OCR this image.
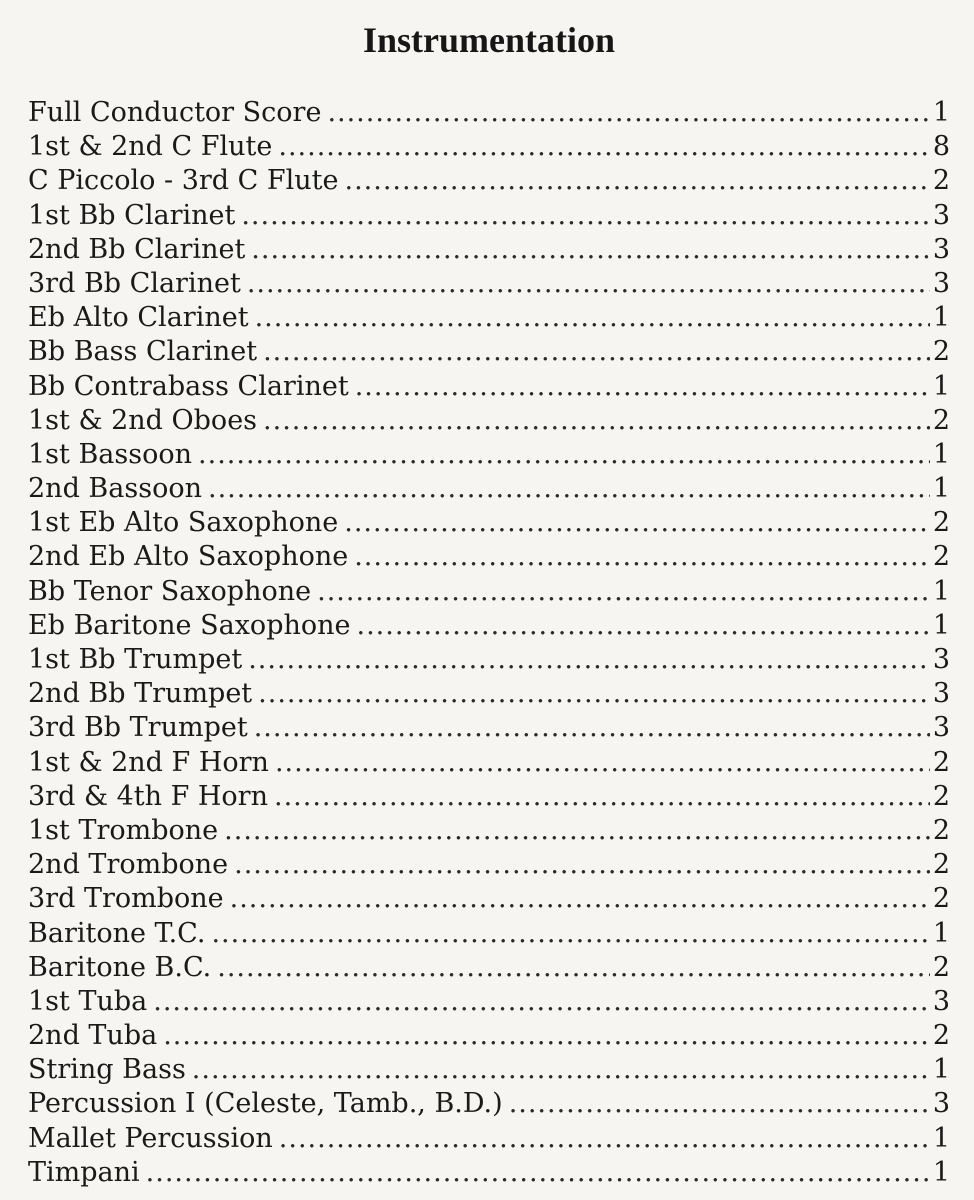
Instrumentation
Full Conductor Score .....	1
1st & 2nd C Flute .....	8
C Piccolo - 3rd C Flute .....	2
1st Bb Clarinet .....	3
2nd Bb Clarinet .....	3
3rd Bb Clarinet .....	3
Eb Alto Clarinet .....	1
Bb Bass Clarinet .....	2
Bb Contrabass Clarinet .....	1
1st & 2nd Oboes .....	2
1st Bassoon .....	1
2nd Bassoon .....	1
1st Eb Alto Saxophone .....	2
2nd Eb Alto Saxophone .....	2
Bb Tenor Saxophone .....	1
Eb Baritone Saxophone .....	1
1st Bb Trumpet .....	3
2nd Bb Trumpet .....	3
3rd Bb Trumpet .....	3
1st & 2nd F Horn .....	2
3rd & 4th F Horn .....	2
1st Trombone .....	2
2nd Trombone .....	2
3rd Trombone .....	2
Baritone T.C. .....	1
Baritone B.C. .....	2
1st Tuba .....	3
2nd Tuba .....	2
String Bass .....	1
Percussion I (Celeste, Tamb., B.D.) .....	3
Mallet Percussion .....	1
Timpani .....	1
